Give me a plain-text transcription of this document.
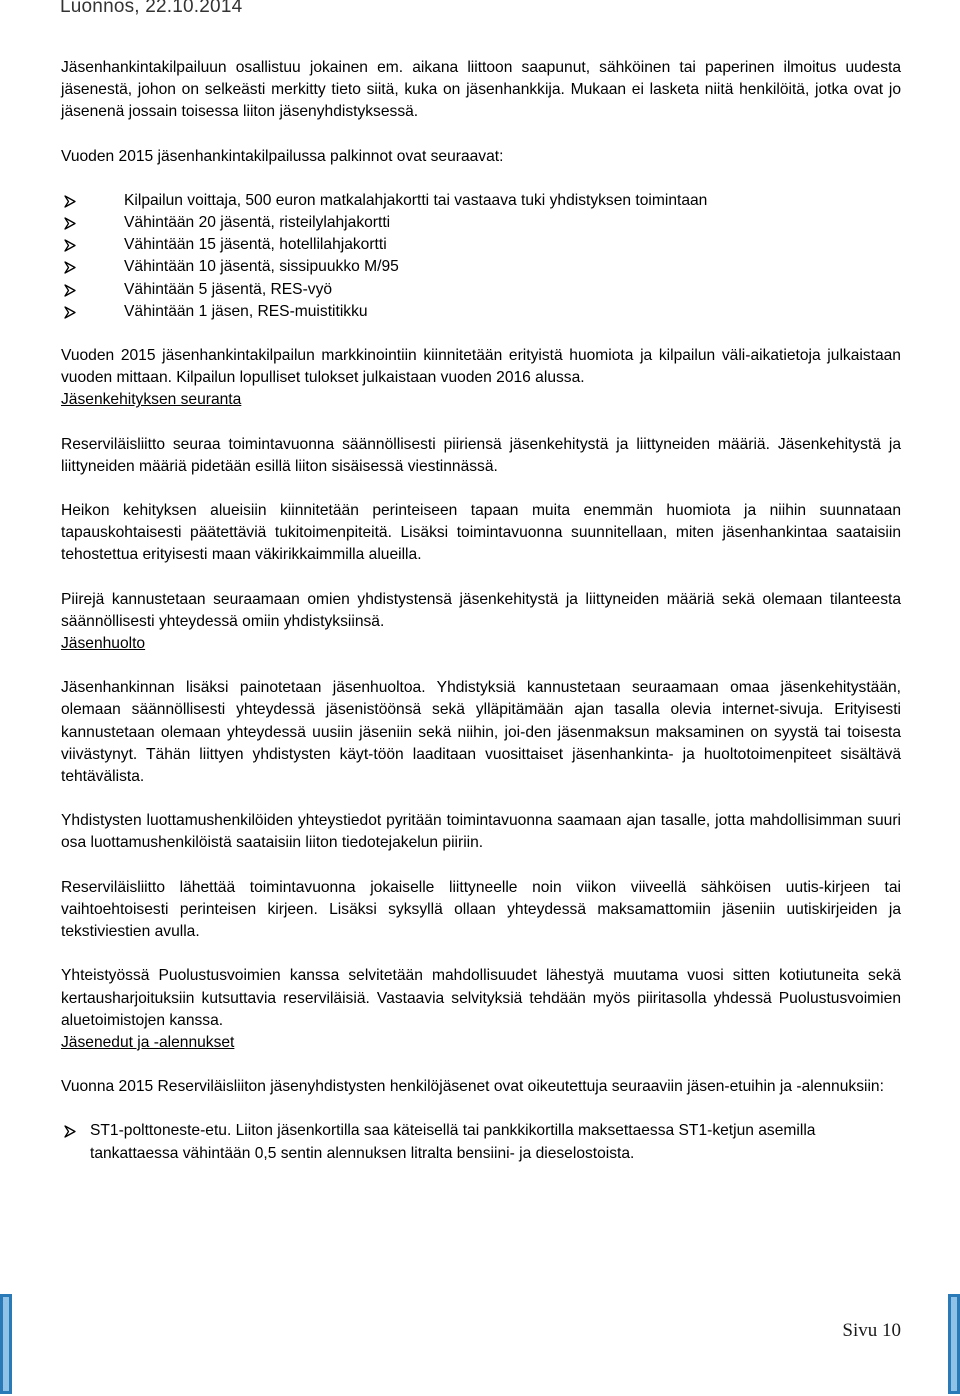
Luonnos, 22.10.2014

Jäsenhankintakilpailuun osallistuu jokainen em. aikana liittoon saapunut, sähköinen tai paperinen ilmoitus uudesta jäsenestä, johon on selkeästi merkitty tieto siitä, kuka on jäsenhankkija. Mukaan ei lasketa niitä henkilöitä, jotka ovat jo jäsenenä jossain toisessa liiton jäsenyhdistyksessä.

Vuoden 2015 jäsenhankintakilpailussa palkinnot ovat seuraavat:

Kilpailun voittaja, 500 euron matkalahjakortti tai vastaava tuki yhdistyksen toimintaan
Vähintään 20 jäsentä, risteilylahjakortti
Vähintään 15 jäsentä, hotellilahjakortti
Vähintään 10 jäsentä, sissipuukko M/95
Vähintään 5 jäsentä, RES-vyö
Vähintään 1 jäsen, RES-muistitikku

Vuoden 2015 jäsenhankintakilpailun markkinointiin kiinnitetään erityistä huomiota ja kilpailun väli-aikatietoja julkaistaan vuoden mittaan. Kilpailun lopulliset tulokset julkaistaan vuoden 2016 alussa.

Jäsenkehityksen seuranta

Reserviläisliitto seuraa toimintavuonna säännöllisesti piiriensä jäsenkehitystä ja liittyneiden määriä. Jäsenkehitystä ja liittyneiden määriä pidetään esillä liiton sisäisessä viestinnässä.

Heikon kehityksen alueisiin kiinnitetään perinteiseen tapaan muita enemmän huomiota ja niihin suunnataan tapauskohtaisesti päätettäviä tukitoimenpiteitä. Lisäksi toimintavuonna suunnitellaan, miten jäsenhankintaa saataisiin tehostettua erityisesti maan väkirikkaimmilla alueilla.

Piirejä kannustetaan seuraamaan omien yhdistystensä jäsenkehitystä ja liittyneiden määriä sekä olemaan tilanteesta säännöllisesti yhteydessä omiin yhdistyksiinsä.

Jäsenhuolto

Jäsenhankinnan lisäksi painotetaan jäsenhuoltoa. Yhdistyksiä kannustetaan seuraamaan omaa jäsenkehitystään, olemaan säännöllisesti yhteydessä jäsenistöönsä sekä ylläpitämään ajan tasalla olevia internet-sivuja. Erityisesti kannustetaan olemaan yhteydessä uusiin jäseniin sekä niihin, joi-den jäsenmaksun maksaminen on syystä tai toisesta viivästynyt. Tähän liittyen yhdistysten käyt-töön laaditaan vuosittaiset jäsenhankinta- ja huoltotoimenpiteet sisältävä tehtävälista.

Yhdistysten luottamushenkilöiden yhteystiedot pyritään toimintavuonna saamaan ajan tasalle, jotta mahdollisimman suuri osa luottamushenkilöistä saataisiin liiton tiedotejakelun piiriin.

Reserviläisliitto lähettää toimintavuonna jokaiselle liittyneelle noin viikon viiveellä sähköisen uutis-kirjeen tai vaihtoehtoisesti perinteisen kirjeen. Lisäksi syksyllä ollaan yhteydessä maksamattomiin jäseniin uutiskirjeiden ja tekstiviestien avulla.

Yhteistyössä Puolustusvoimien kanssa selvitetään mahdollisuudet lähestyä muutama vuosi sitten kotiutuneita sekä kertausharjoituksiin kutsuttavia reserviläisiä. Vastaavia selvityksiä tehdään myös piiritasolla yhdessä Puolustusvoimien aluetoimistojen kanssa.

Jäsenedut ja -alennukset

Vuonna 2015 Reserviläisliiton jäsenyhdistysten henkilöjäsenet ovat oikeutettuja seuraaviin jäsen-etuihin ja -alennuksiin:

ST1-polttoneste-etu. Liiton jäsenkortilla saa käteisellä tai pankkikortilla maksettaessa ST1-ketjun asemilla tankattaessa vähintään 0,5 sentin alennuksen litralta bensiini- ja dieselostoista.
Sivu 10
